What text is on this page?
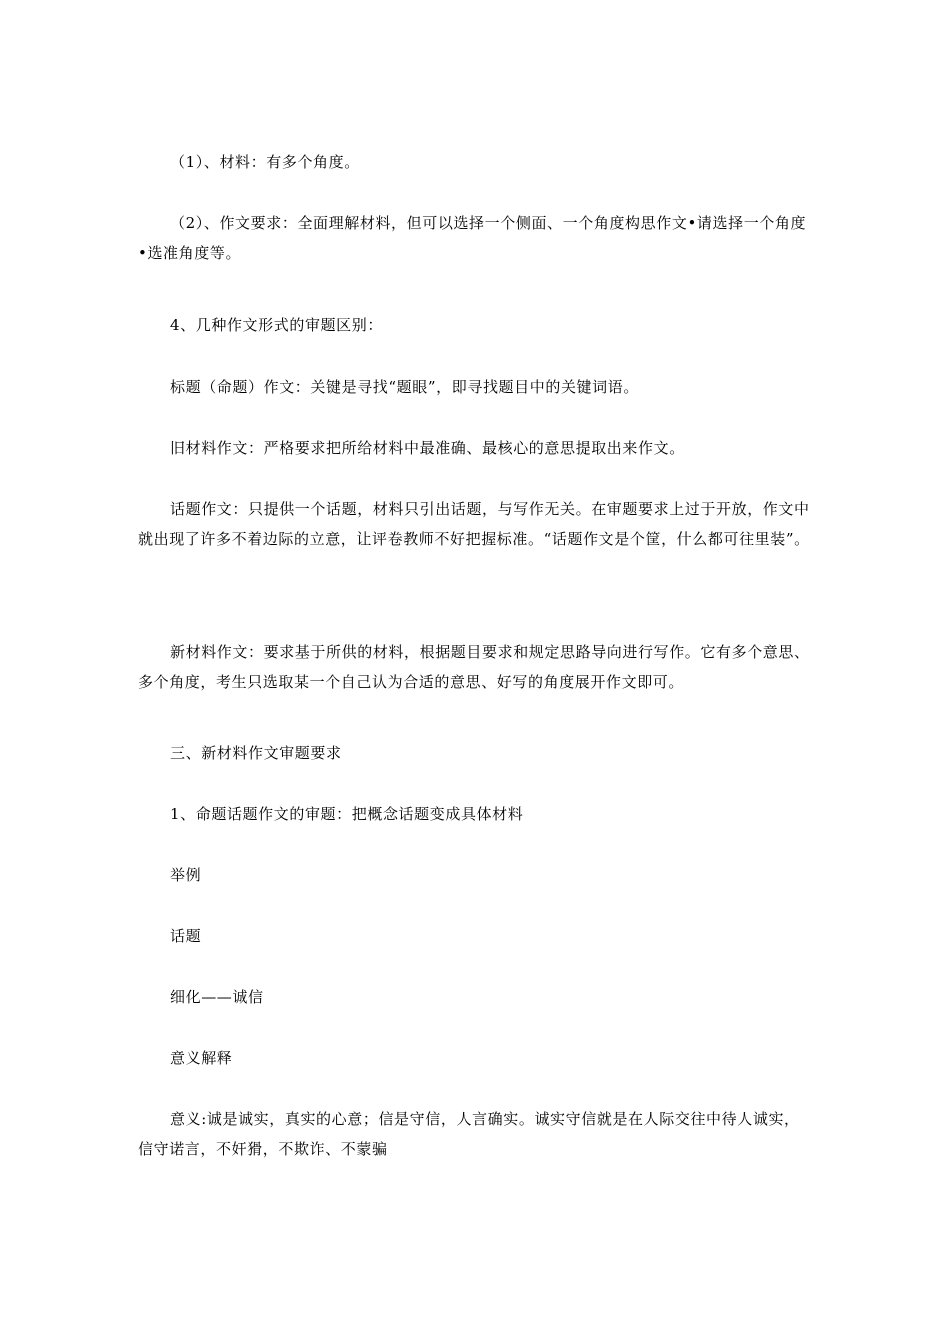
（1）、材料：有多个角度。

（2）、作文要求：全面理解材料，但可以选择一个侧面、一个角度构思作文•请选择一个角度•选准角度等。

4、几种作文形式的审题区别：

标题（命题）作文：关键是寻找“题眼”，即寻找题目中的关键词语。

旧材料作文：严格要求把所给材料中最准确、最核心的意思提取出来作文。

话题作文：只提供一个话题，材料只引出话题，与写作无关。在审题要求上过于开放，作文中就出现了许多不着边际的立意，让评卷教师不好把握标准。“话题作文是个筐，什么都可往里装”。

新材料作文：要求基于所供的材料，根据题目要求和规定思路导向进行写作。它有多个意思、多个角度，考生只选取某一个自己认为合适的意思、好写的角度展开作文即可。

三、新材料作文审题要求

1、命题话题作文的审题：把概念话题变成具体材料

举例

话题

细化——诚信

意义解释

意义:诚是诚实，真实的心意；信是守信，人言确实。诚实守信就是在人际交往中待人诚实，信守诺言，不奸猾，不欺诈、不蒙骗
